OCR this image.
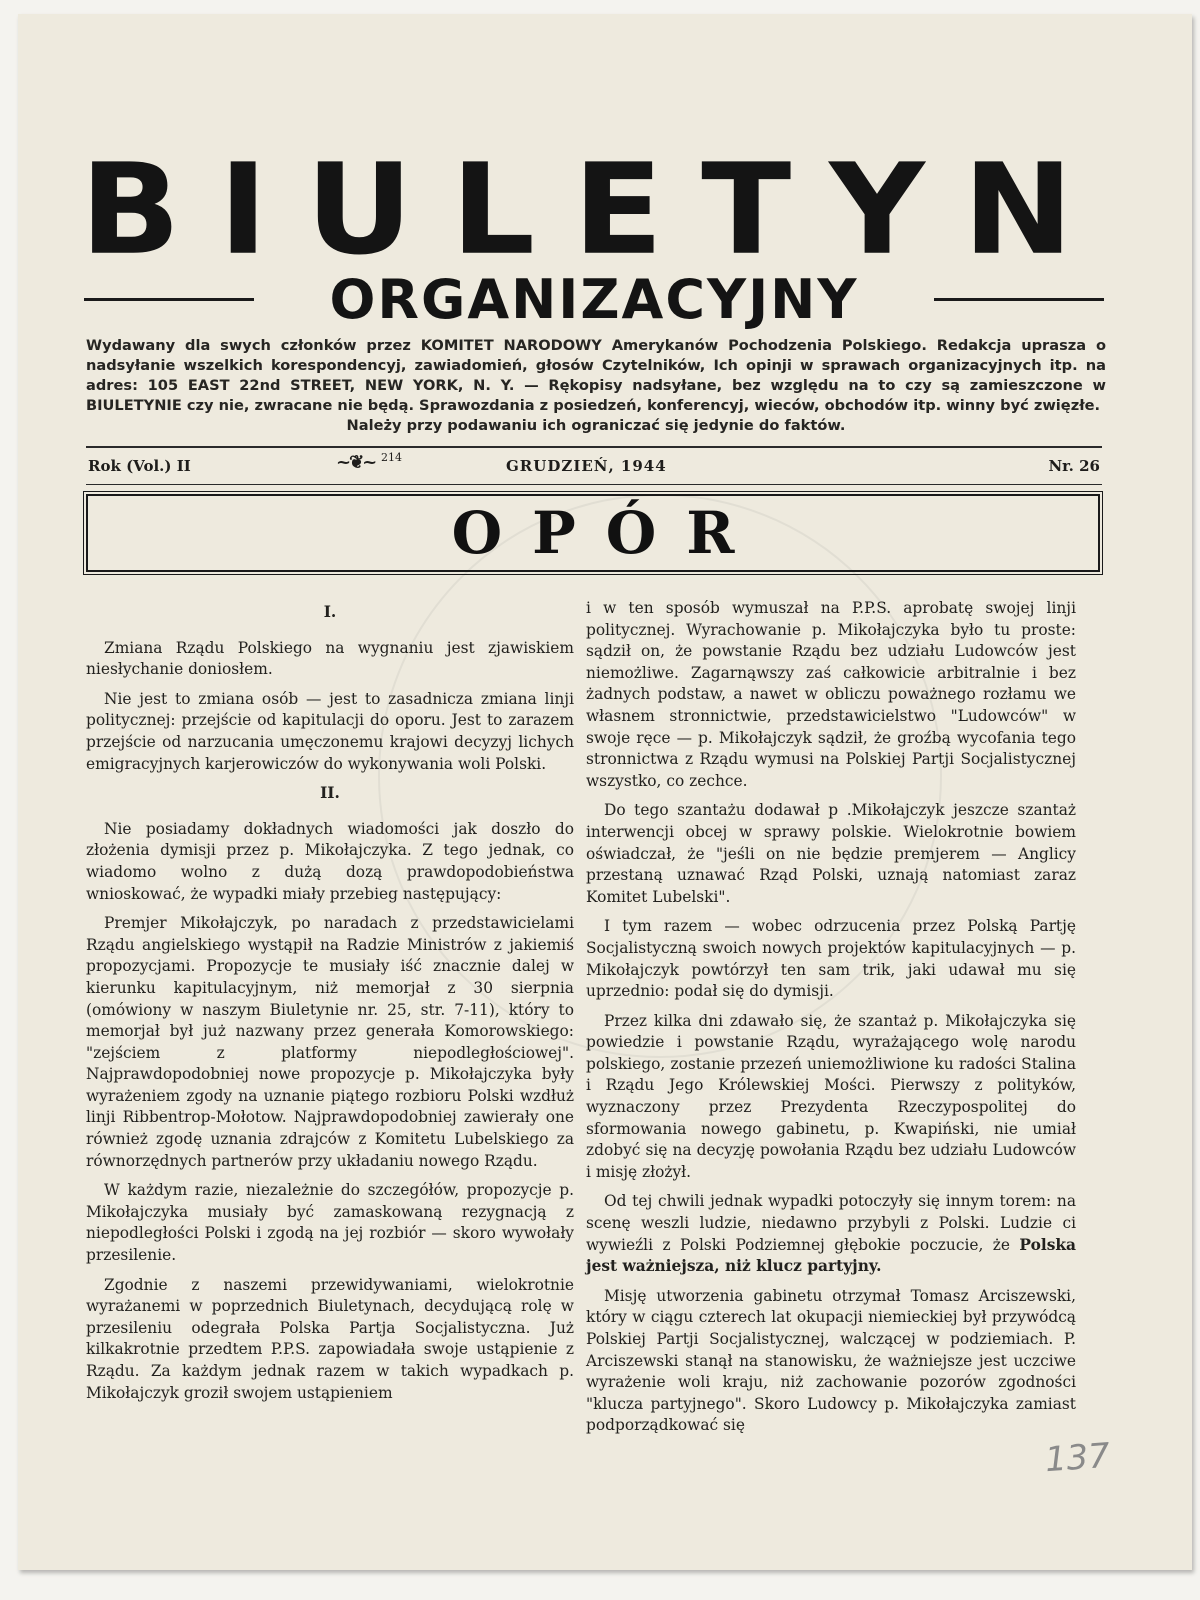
BIULETYN
ORGANIZACYJNY
Wydawany dla swych członków przez KOMITET NARODOWY Amerykanów Pochodzenia Polskiego. Redakcja uprasza o nadsyłanie wszelkich korespondencyj, zawiadomień, głosów Czytelników, Ich opinji w sprawach organizacyjnych itp. na adres: 105 EAST 22nd STREET, NEW YORK, N. Y. — Rękopisy nadsyłane, bez względu na to czy są zamieszczone w BIULETYNIE czy nie, zwracane nie będą. Sprawozdania z posiedzeń, konferencyj, wieców, obchodów itp. winny być zwięzłe.
Należy przy podawaniu ich ograniczać się jedynie do faktów.
Rok (Vol.) II	~❦~ 214	GRUDZIEŃ, 1944	Nr. 26
OPÓR

I.

Zmiana Rządu Polskiego na wygnaniu jest zjawiskiem niesłychanie doniosłem.

Nie jest to zmiana osób — jest to zasadnicza zmiana linji politycznej: przejście od kapitulacji do oporu. Jest to zarazem przejście od narzucania umęczonemu krajowi decyzyj lichych emigracyjnych karjerowiczów do wykonywania woli Polski.

II.

Nie posiadamy dokładnych wiadomości jak doszło do złożenia dymisji przez p. Mikołajczyka. Z tego jednak, co wiadomo wolno z dużą dozą prawdopodobieństwa wnioskować, że wypadki miały przebieg następujący:

Premjer Mikołajczyk, po naradach z przedstawicielami Rządu angielskiego wystąpił na Radzie Ministrów z jakiemiś propozycjami. Propozycje te musiały iść znacznie dalej w kierunku kapitulacyjnym, niż memorjał z 30 sierpnia (omówiony w naszym Biuletynie nr. 25, str. 7-11), który to memorjał był już nazwany przez generała Komorowskiego: "zejściem z platformy niepodległościowej". Najprawdopodobniej nowe propozycje p. Mikołajczyka były wyrażeniem zgody na uznanie piątego rozbioru Polski wzdłuż linji Ribbentrop-Mołotow. Najprawdopodobniej zawierały one również zgodę uznania zdrajców z Komitetu Lubelskiego za równorzędnych partnerów przy układaniu nowego Rządu.

W każdym razie, niezależnie do szczegółów, propozycje p. Mikołajczyka musiały być zamaskowaną rezygnacją z niepodległości Polski i zgodą na jej rozbiór — skoro wywołały przesilenie.

Zgodnie z naszemi przewidywaniami, wielokrotnie wyrażanemi w poprzednich Biuletynach, decydującą rolę w przesileniu odegrała Polska Partja Socjalistyczna. Już kilkakrotnie przedtem P.P.S. zapowiadała swoje ustąpienie z Rządu. Za każdym jednak razem w takich wypadkach p. Mikołajczyk groził swojem ustąpieniem

i w ten sposób wymuszał na P.P.S. aprobatę swojej linji politycznej. Wyrachowanie p. Mikołajczyka było tu proste: sądził on, że powstanie Rządu bez udziału Ludowców jest niemożliwe. Zagarnąwszy zaś całkowicie arbitralnie i bez żadnych podstaw, a nawet w obliczu poważnego rozłamu we własnem stronnictwie, przedstawicielstwo "Ludowców" w swoje ręce — p. Mikołajczyk sądził, że groźbą wycofania tego stronnictwa z Rządu wymusi na Polskiej Partji Socjalistycznej wszystko, co zechce.

Do tego szantażu dodawał p .Mikołajczyk jeszcze szantaż interwencji obcej w sprawy polskie. Wielokrotnie bowiem oświadczał, że "jeśli on nie będzie premjerem — Anglicy przestaną uznawać Rząd Polski, uznają natomiast zaraz Komitet Lubelski".

I tym razem — wobec odrzucenia przez Polską Partję Socjalistyczną swoich nowych projektów kapitulacyjnych — p. Mikołajczyk powtórzył ten sam trik, jaki udawał mu się uprzednio: podał się do dymisji.

Przez kilka dni zdawało się, że szantaż p. Mikołajczyka się powiedzie i powstanie Rządu, wyrażającego wolę narodu polskiego, zostanie przezeń uniemożliwione ku radości Stalina i Rządu Jego Królewskiej Mości. Pierwszy z polityków, wyznaczony przez Prezydenta Rzeczypospolitej do sformowania nowego gabinetu, p. Kwapiński, nie umiał zdobyć się na decyzję powołania Rządu bez udziału Ludowców i misję złożył.

Od tej chwili jednak wypadki potoczyły się innym torem: na scenę weszli ludzie, niedawno przybyli z Polski. Ludzie ci wywieźli z Polski Podziemnej głębokie poczucie, że Polska jest ważniejsza, niż klucz partyjny.

Misję utworzenia gabinetu otrzymał Tomasz Arciszewski, który w ciągu czterech lat okupacji niemieckiej był przywódcą Polskiej Partji Socjalistycznej, walczącej w podziemiach. P. Arciszewski stanął na stanowisku, że ważniejsze jest uczciwe wyrażenie woli kraju, niż zachowanie pozorów zgodności "klucza partyjnego". Skoro Ludowcy p. Mikołajczyka zamiast podporządkować się

137
